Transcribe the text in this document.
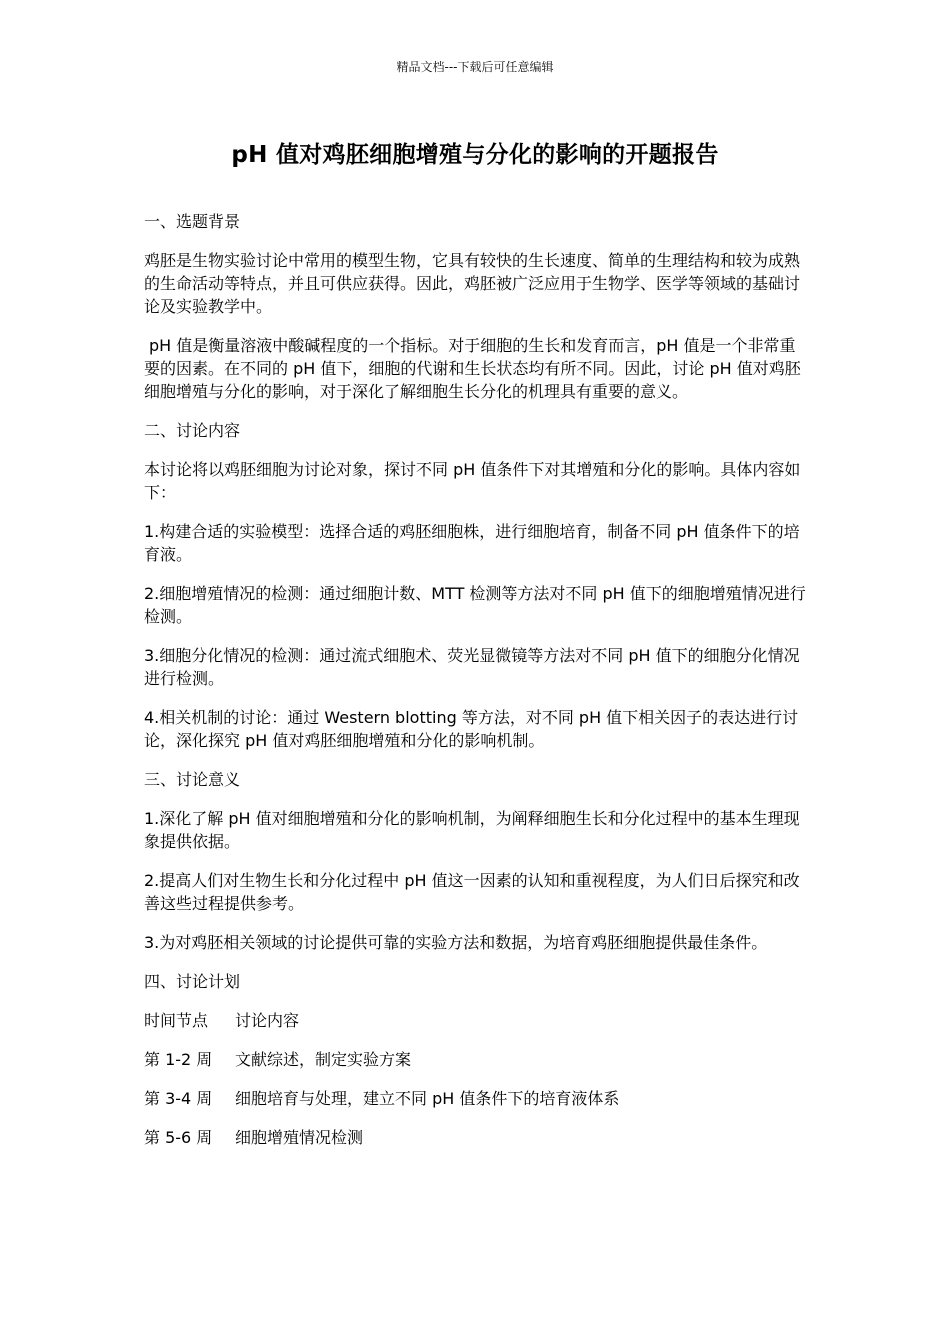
精品文档---下载后可任意编辑

pH 值对鸡胚细胞增殖与分化的影响的开题报告

一、选题背景

鸡胚是生物实验讨论中常用的模型生物，它具有较快的生长速度、简单的生理结构和较为成熟的生命活动等特点，并且可供应获得。因此，鸡胚被广泛应用于生物学、医学等领域的基础讨论及实验教学中。

pH 值是衡量溶液中酸碱程度的一个指标。对于细胞的生长和发育而言，pH 值是一个非常重要的因素。在不同的 pH 值下，细胞的代谢和生长状态均有所不同。因此，讨论 pH 值对鸡胚细胞增殖与分化的影响，对于深化了解细胞生长分化的机理具有重要的意义。

二、讨论内容

本讨论将以鸡胚细胞为讨论对象，探讨不同 pH 值条件下对其增殖和分化的影响。具体内容如下：

1.构建合适的实验模型：选择合适的鸡胚细胞株，进行细胞培育，制备不同 pH 值条件下的培育液。

2.细胞增殖情况的检测：通过细胞计数、MTT 检测等方法对不同 pH 值下的细胞增殖情况进行检测。

3.细胞分化情况的检测：通过流式细胞术、荧光显微镜等方法对不同 pH 值下的细胞分化情况进行检测。

4.相关机制的讨论：通过 Western blotting 等方法，对不同 pH 值下相关因子的表达进行讨论，深化探究 pH 值对鸡胚细胞增殖和分化的影响机制。

三、讨论意义

1.深化了解 pH 值对细胞增殖和分化的影响机制，为阐释细胞生长和分化过程中的基本生理现象提供依据。

2.提高人们对生物生长和分化过程中 pH 值这一因素的认知和重视程度，为人们日后探究和改善这些过程提供参考。

3.为对鸡胚相关领域的讨论提供可靠的实验方法和数据，为培育鸡胚细胞提供最佳条件。

四、讨论计划

时间节点	讨论内容
第 1-2 周	文献综述，制定实验方案
第 3-4 周	细胞培育与处理，建立不同 pH 值条件下的培育液体系
第 5-6 周	细胞增殖情况检测
